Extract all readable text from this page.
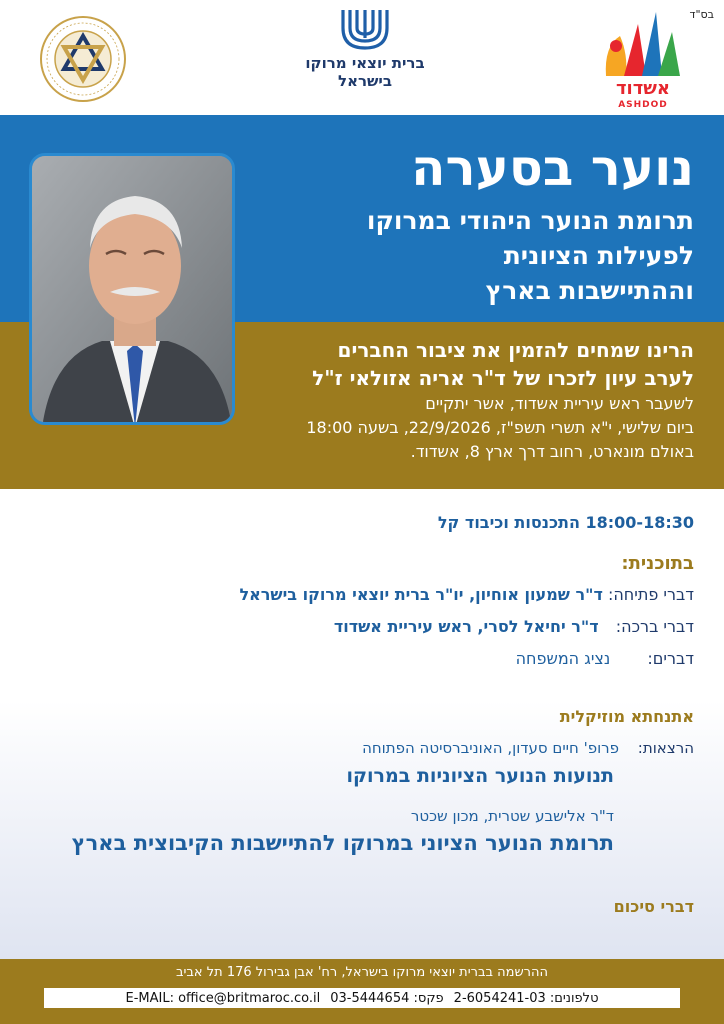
בס"ד
ברית יוצאי מרוקו
בישראל	אשדוד
ASHDOD
נוער בסערה
תרומת הנוער היהודי במרוקו
לפעילות הציונית
וההתיישבות בארץ
הרינו שמחים להזמין את ציבור החברים
לערב עיון לזכרו של ד"ר אריה אזולאי ז"ל
לשעבר ראש עיריית אשדוד, אשר יתקיים
ביום שלישי, י"א תשרי תשפ"ז, 22/9/2026, בשעה 18:00
באולם מונארט, רחוב דרך ארץ 8, אשדוד.
18:00-18:30 התכנסות וכיבוד קל
בתוכנית:
דברי פתיחה: ד"ר שמעון אוחיון, יו"ר ברית יוצאי מרוקו בישראל
דברי ברכה: ד"ר יחיאל לסרי, ראש עיריית אשדוד
דברים: נציג המשפחה
אתנחתא מוזיקלית
הרצאות: פרופ' חיים סעדון, האוניברסיטה הפתוחה
תנועות הנוער הציוניות במרוקו
ד"ר אלישבע שטרית, מכון שכטר
תרומת הנוער הציוני במרוקו להתיישבות הקיבוצית בארץ
דברי סיכום
ההרשמה בברית יוצאי מרוקו בישראל, רח' אבן גבירול 176 תל אביב
טלפונים: 2-6054241-03
פקס: 03-5444654
E-MAIL: office@britmaroc.co.il
